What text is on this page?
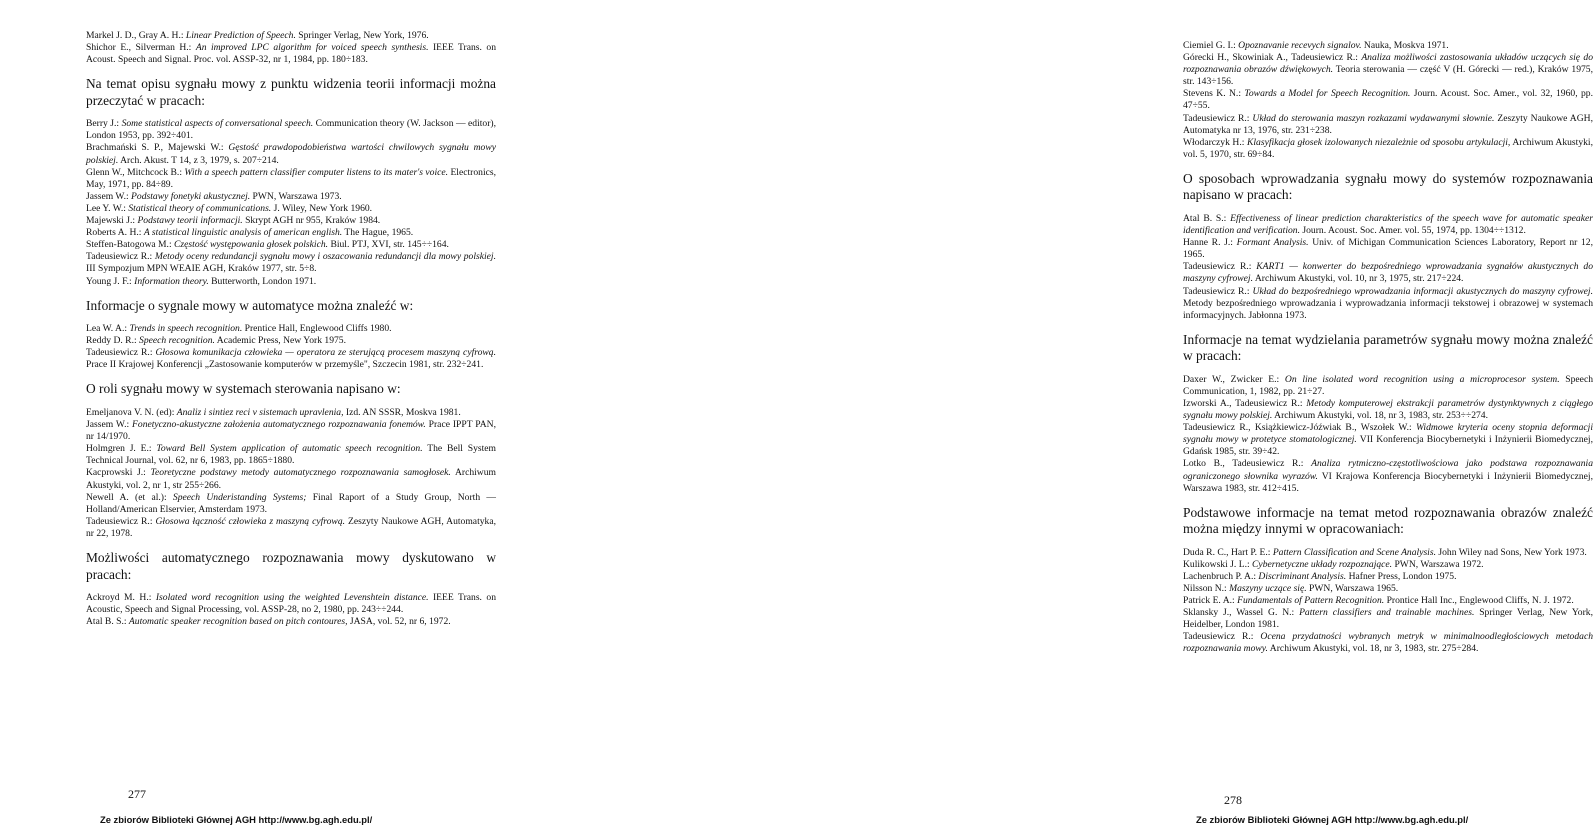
Markel J. D., Gray A. H.: Linear Prediction of Speech. Springer Verlag, New York, 1976.

Shichor E., Silverman H.: An improved LPC algorithm for voiced speech synthesis. IEEE Trans. on Acoust. Speech and Signal. Proc. vol. ASSP-32, nr 1, 1984, pp. 180÷183.

Na temat opisu sygnału mowy z punktu widzenia teorii informacji można przeczytać w pracach:

Berry J.: Some statistical aspects of conversational speech. Communication theory (W. Jackson — editor), London 1953, pp. 392÷401.

Brachmański S. P., Majewski W.: Gęstość prawdopodobieństwa wartości chwilowych sygnału mowy polskiej. Arch. Akust. T 14, z 3, 1979, s. 207÷214.

Glenn W., Mitchcock B.: With a speech pattern classifier computer listens to its mater's voice. Electronics, May, 1971, pp. 84÷89.

Jassem W.: Podstawy fonetyki akustycznej. PWN, Warszawa 1973.

Lee Y. W.: Statistical theory of communications. J. Wiley, New York 1960.

Majewski J.: Podstawy teorii informacji. Skrypt AGH nr 955, Kraków 1984.

Roberts A. H.: A statistical linguistic analysis of american english. The Hague, 1965.

Steffen-Batogowa M.: Częstość występowania głosek polskich. Biul. PTJ, XVI, str. 145÷÷164.

Tadeusiewicz R.: Metody oceny redundancji sygnału mowy i oszacowania redundancji dla mowy polskiej. III Sympozjum MPN WEAIE AGH, Kraków 1977, str. 5÷8.

Young J. F.: Information theory. Butterworth, London 1971.

Informacje o sygnale mowy w automatyce można znaleźć w:

Lea W. A.: Trends in speech recognition. Prentice Hall, Englewood Cliffs 1980.

Reddy D. R.: Speech recognition. Academic Press, New York 1975.

Tadeusiewicz R.: Głosowa komunikacja człowieka — operatora ze sterującą procesem maszyną cyfrową. Prace II Krajowej Konferencji „Zastosowanie komputerów w przemyśle", Szczecin 1981, str. 232÷241.

O roli sygnału mowy w systemach sterowania napisano w:

Emeljanova V. N. (ed): Analiz i sintiez reci v sistemach upravlenia, Izd. AN SSSR, Moskva 1981.

Jassem W.: Fonetyczno-akustyczne założenia automatycznego rozpoznawania fonemów. Prace IPPT PAN, nr 14/1970.

Holmgren J. E.: Toward Bell System application of automatic speech recognition. The Bell System Technical Journal, vol. 62, nr 6, 1983, pp. 1865÷1880.

Kacprowski J.: Teoretyczne podstawy metody automatycznego rozpoznawania samogłosek. Archiwum Akustyki, vol. 2, nr 1, str 255÷266.

Newell A. (et al.): Speech Underistanding Systems; Final Raport of a Study Group, North — Holland/American Elservier, Amsterdam 1973.

Tadeusiewicz R.: Głosowa łączność człowieka z maszyną cyfrową. Zeszyty Naukowe AGH, Automatyka, nr 22, 1978.

Możliwości automatycznego rozpoznawania mowy dyskutowano w pracach:

Ackroyd M. H.: Isolated word recognition using the weighted Levenshtein distance. IEEE Trans. on Acoustic, Speech and Signal Processing, vol. ASSP-28, no 2, 1980, pp. 243÷÷244.

Atal B. S.: Automatic speaker recognition based on pitch contoures, JASA, vol. 52, nr 6, 1972.

277
Ze zbiorów Biblioteki Głównej AGH http://www.bg.agh.edu.pl/

Ciemiel G. I.: Opoznavanie recevych signalov. Nauka, Moskva 1971.

Górecki H., Skowiniak A., Tadeusiewicz R.: Analiza możliwości zastosowania układów uczących się do rozpoznawania obrazów dźwiękowych. Teoria sterowania — część V (H. Górecki — red.), Kraków 1975, str. 143÷156.

Stevens K. N.: Towards a Model for Speech Recognition. Journ. Acoust. Soc. Amer., vol. 32, 1960, pp. 47÷55.

Tadeusiewicz R.: Układ do sterowania maszyn rozkazami wydawanymi słownie. Zeszyty Naukowe AGH, Automatyka nr 13, 1976, str. 231÷238.

Włodarczyk H.: Klasyfikacja głosek izolowanych niezależnie od sposobu artykulacji, Archiwum Akustyki, vol. 5, 1970, str. 69÷84.

O sposobach wprowadzania sygnału mowy do systemów rozpoznawania napisano w pracach:

Atal B. S.: Effectiveness of linear prediction charakteristics of the speech wave for automatic speaker identification and verification. Journ. Acoust. Soc. Amer. vol. 55, 1974, pp. 1304÷÷1312.

Hanne R. J.: Formant Analysis. Univ. of Michigan Communication Sciences Laboratory, Report nr 12, 1965.

Tadeusiewicz R.: KART1 — konwerter do bezpośredniego wprowadzania sygnałów akustycznych do maszyny cyfrowej. Archiwum Akustyki, vol. 10, nr 3, 1975, str. 217÷224.

Tadeusiewicz R.: Układ do bezpośredniego wprowadzania informacji akustycznych do maszyny cyfrowej. Metody bezpośredniego wprowadzania i wyprowadzania informacji tekstowej i obrazowej w systemach informacyjnych. Jabłonna 1973.

Informacje na temat wydzielania parametrów sygnału mowy można znaleźć w pracach:

Daxer W., Zwicker E.: On line isolated word recognition using a microprocesor system. Speech Communication, 1, 1982, pp. 21÷27.

Izworski A., Tadeusiewicz R.: Metody komputerowej ekstrakcji parametrów dystynktywnych z ciągłego sygnału mowy polskiej. Archiwum Akustyki, vol. 18, nr 3, 1983, str. 253÷÷274.

Tadeusiewicz R., Książkiewicz-Jóźwiak B., Wszołek W.: Widmowe kryteria oceny stopnia deformacji sygnału mowy w protetyce stomatologicznej. VII Konferencja Biocybernetyki i Inżynierii Biomedycznej, Gdańsk 1985, str. 39÷42.

Lotko B., Tadeusiewicz R.: Analiza rytmiczno-częstotliwościowa jako podstawa rozpoznawania ograniczonego słownika wyrazów. VI Krajowa Konferencja Biocybernetyki i Inżynierii Biomedycznej, Warszawa 1983, str. 412÷415.

Podstawowe informacje na temat metod rozpoznawania obrazów znaleźć można między innymi w opracowaniach:

Duda R. C., Hart P. E.: Pattern Classification and Scene Analysis. John Wiley nad Sons, New York 1973.

Kulikowski J. L.: Cybernetyczne układy rozpoznające. PWN, Warszawa 1972.

Lachenbruch P. A.: Discriminant Analysis. Hafner Press, London 1975.

Nilsson N.: Maszyny uczące się. PWN, Warszawa 1965.

Patrick E. A.: Fundamentals of Pattern Recognition. Prontice Hall Inc., Englewood Cliffs, N. J. 1972.

Sklansky J., Wassel G. N.: Pattern classifiers and trainable machines. Springer Verlag, New York, Heidelber, London 1981.

Tadeusiewicz R.: Ocena przydatności wybranych metryk w minimalnoodległościowych metodach rozpoznawania mowy. Archiwum Akustyki, vol. 18, nr 3, 1983, str. 275÷284.

278
Ze zbiorów Biblioteki Głównej AGH http://www.bg.agh.edu.pl/
